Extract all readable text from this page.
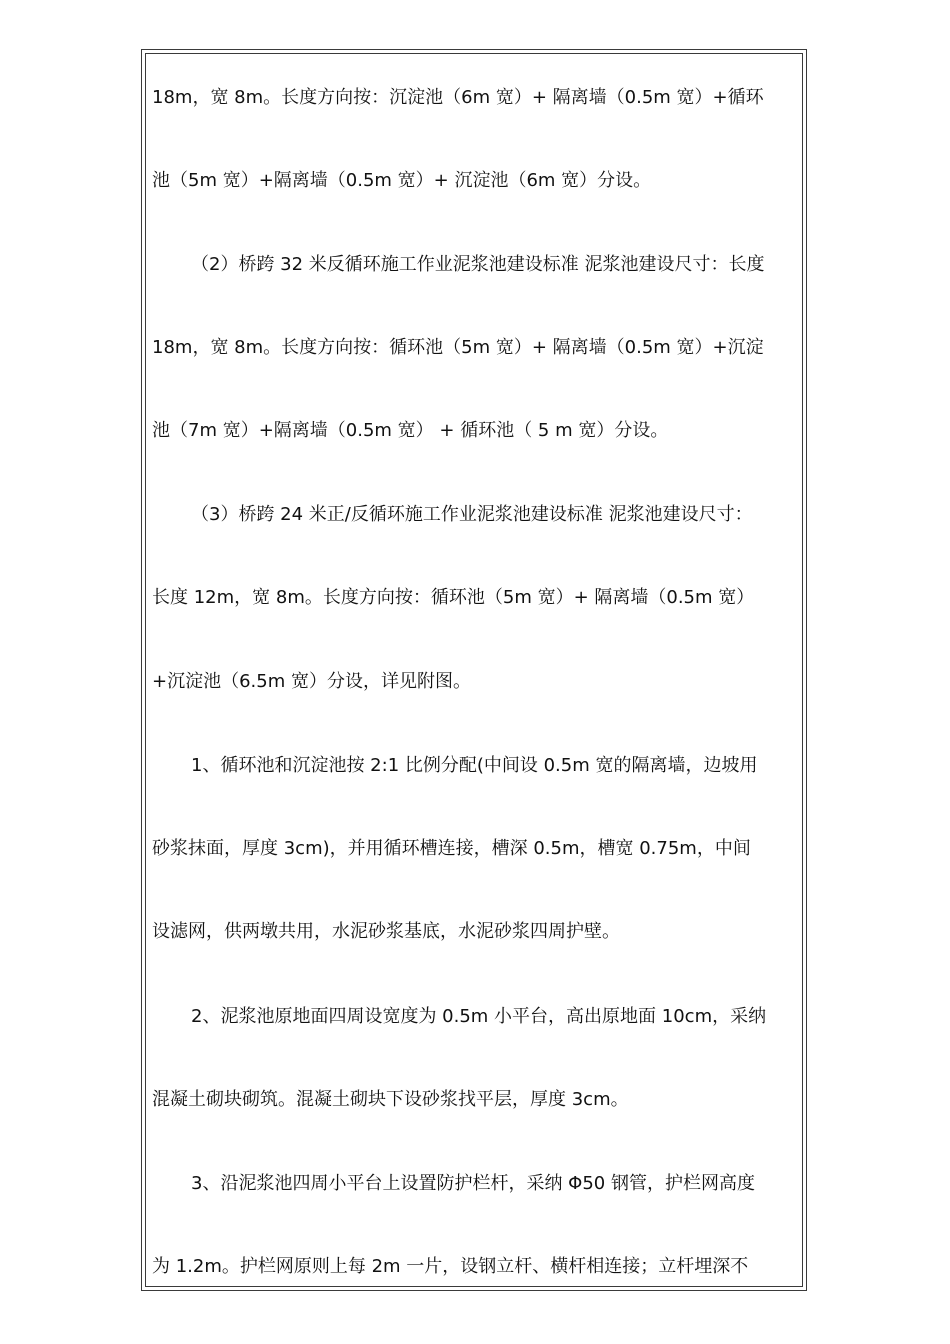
18m，宽 8m。长度方向按：沉淀池（6m 宽）+ 隔离墙（0.5m 宽）+循环
池（5m 宽）+隔离墙（0.5m 宽）+ 沉淀池（6m 宽）分设。
（2）桥跨 32 米反循环施工作业泥浆池建设标准 泥浆池建设尺寸：长度
18m，宽 8m。长度方向按：循环池（5m 宽）+ 隔离墙（0.5m 宽）+沉淀
池（7m 宽）+隔离墙（0.5m 宽） + 循环池（ 5 m 宽）分设。
（3）桥跨 24 米正/反循环施工作业泥浆池建设标准 泥浆池建设尺寸：
长度 12m，宽 8m。长度方向按：循环池（5m 宽）+ 隔离墙（0.5m 宽）
+沉淀池（6.5m 宽）分设，详见附图。
1、循环池和沉淀池按 2:1 比例分配(中间设 0.5m 宽的隔离墙，边坡用
砂浆抹面，厚度 3cm)，并用循环槽连接，槽深 0.5m，槽宽 0.75m，中间
设滤网，供两墩共用，水泥砂浆基底，水泥砂浆四周护壁。
2、泥浆池原地面四周设宽度为 0.5m 小平台，高出原地面 10cm，采纳
混凝土砌块砌筑。混凝土砌块下设砂浆找平层，厚度 3cm。
3、沿泥浆池四周小平台上设置防护栏杆，采纳 Φ50 钢管，护栏网高度
为 1.2m。护栏网原则上每 2m 一片，设钢立杆、横杆相连接；立杆埋深不
